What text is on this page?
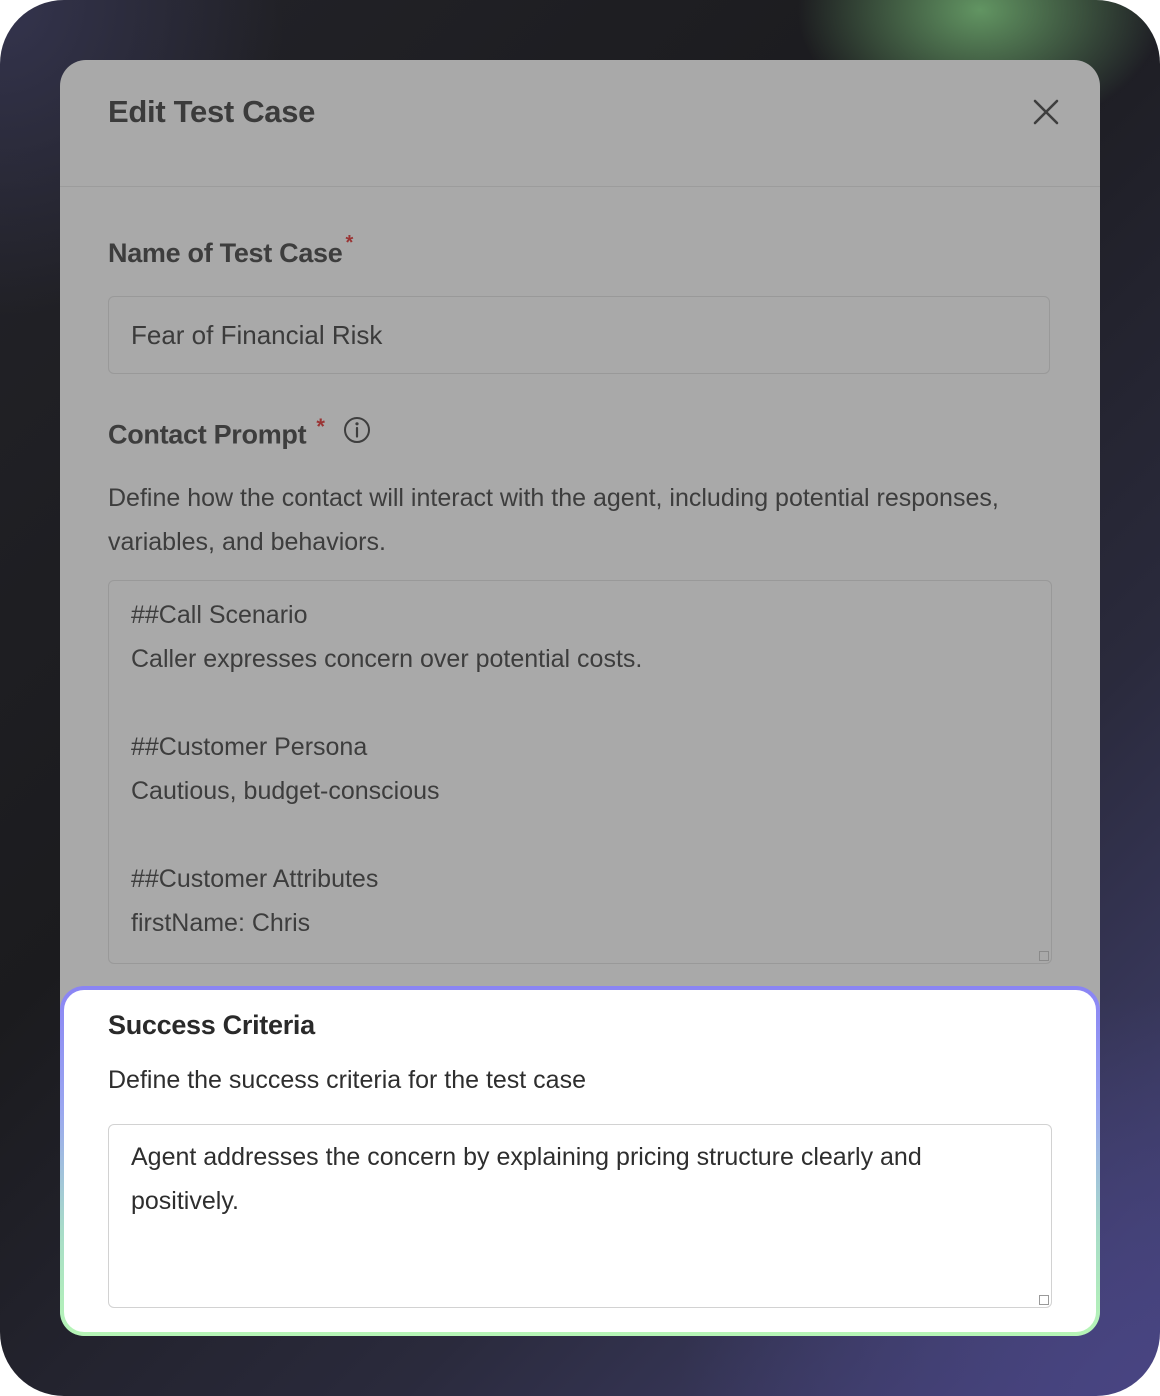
Edit Test Case
Name of Test Case *
Fear of Financial Risk
Contact Prompt *
Define how the contact will interact with the agent, including potential responses, variables, and behaviors.
##Call Scenario
Caller expresses concern over potential costs.
##Customer Persona
Cautious, budget-conscious
##Customer Attributes
firstName: Chris
Success Criteria
Define the success criteria for the test case
Agent addresses the concern by explaining pricing structure clearly and positively.
